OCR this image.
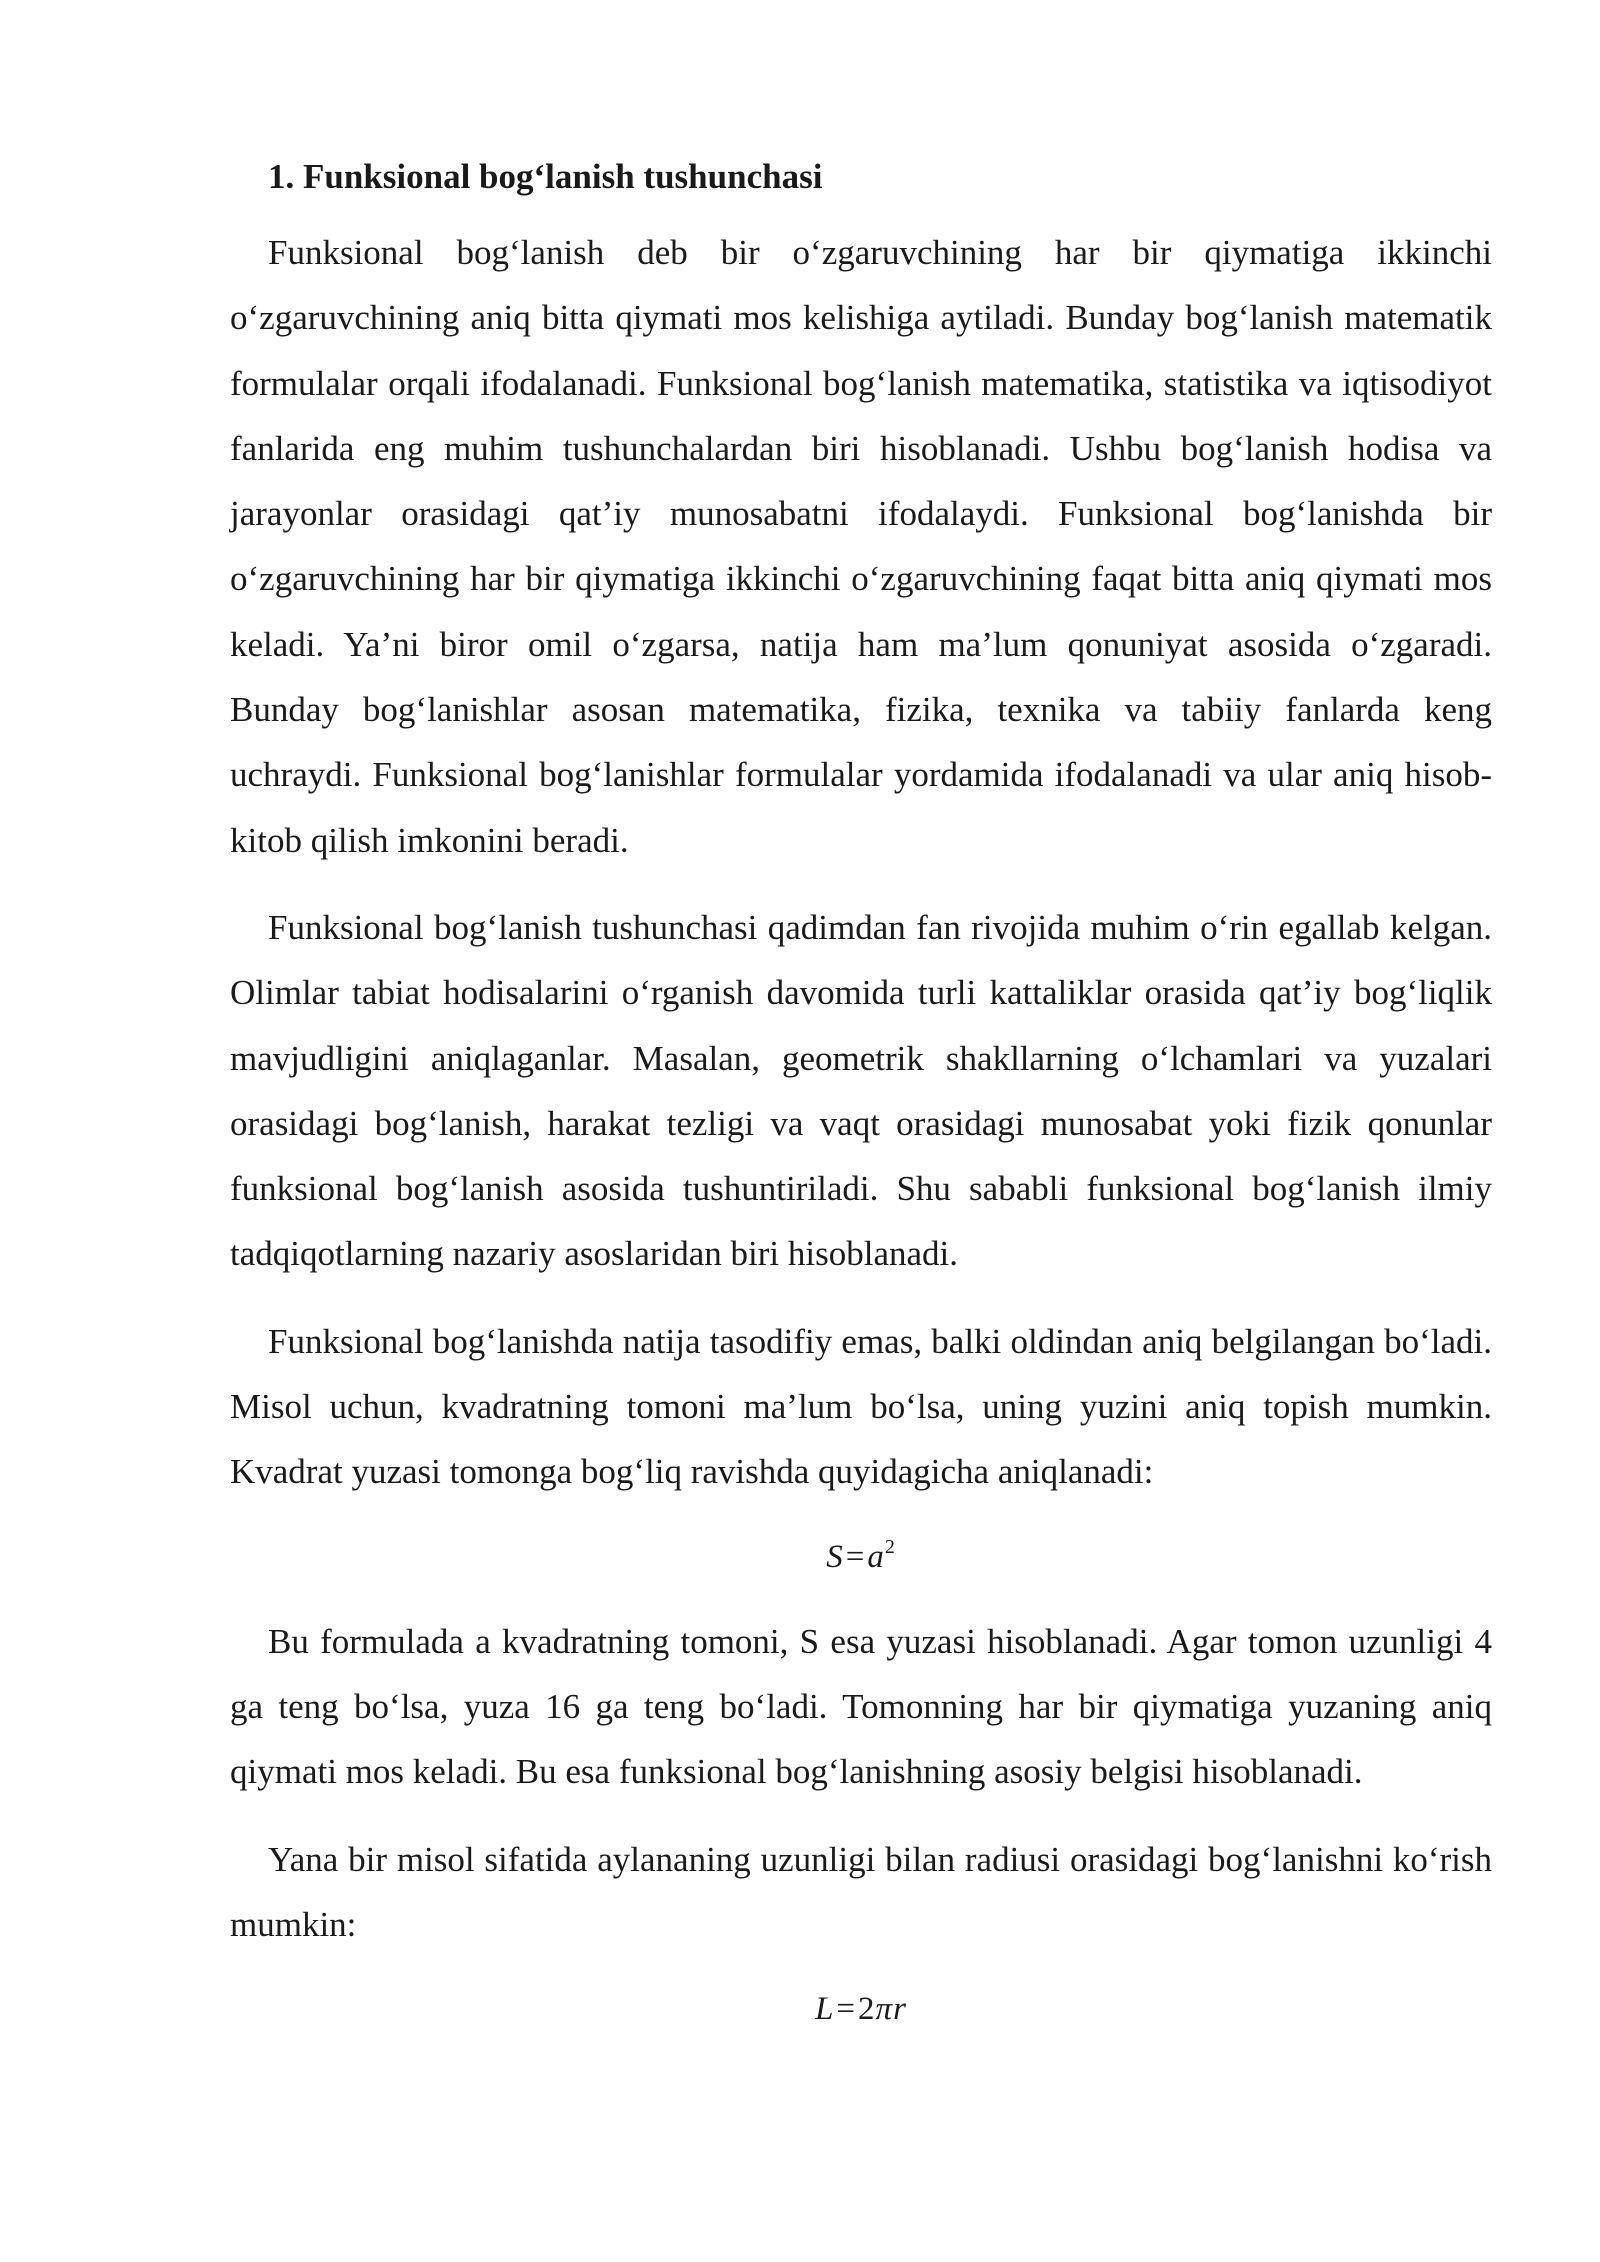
1. Funksional bog‘lanish tushunchasi

Funksional bog‘lanish deb bir o‘zgaruvchining har bir qiymatiga ikkinchi o‘zgaruvchining aniq bitta qiymati mos kelishiga aytiladi. Bunday bog‘lanish matematik formulalar orqali ifodalanadi. Funksional bog‘lanish matematika, statistika va iqtisodiyot fanlarida eng muhim tushunchalardan biri hisoblanadi. Ushbu bog‘lanish hodisa va jarayonlar orasidagi qat’iy munosabatni ifodalaydi. Funksional bog‘lanishda bir o‘zgaruvchining har bir qiymatiga ikkinchi o‘zgaruvchining faqat bitta aniq qiymati mos keladi. Ya’ni biror omil o‘zgarsa, natija ham ma’lum qonuniyat asosida o‘zgaradi. Bunday bog‘lanishlar asosan matematika, fizika, texnika va tabiiy fanlarda keng uchraydi. Funksional bog‘lanishlar formulalar yordamida ifodalanadi va ular aniq hisob-kitob qilish imkonini beradi.

Funksional bog‘lanish tushunchasi qadimdan fan rivojida muhim o‘rin egallab kelgan. Olimlar tabiat hodisalarini o‘rganish davomida turli kattaliklar orasida qat’iy bog‘liqlik mavjudligini aniqlaganlar. Masalan, geometrik shakllarning o‘lchamlari va yuzalari orasidagi bog‘lanish, harakat tezligi va vaqt orasidagi munosabat yoki fizik qonunlar funksional bog‘lanish asosida tushuntiriladi. Shu sababli funksional bog‘lanish ilmiy tadqiqotlarning nazariy asoslaridan biri hisoblanadi.

Funksional bog‘lanishda natija tasodifiy emas, balki oldindan aniq belgilangan bo‘ladi. Misol uchun, kvadratning tomoni ma’lum bo‘lsa, uning yuzini aniq topish mumkin. Kvadrat yuzasi tomonga bog‘liq ravishda quyidagicha aniqlanadi:

$S=a^2$

Bu formulada a kvadratning tomoni, S esa yuzasi hisoblanadi. Agar tomon uzunligi 4 ga teng bo‘lsa, yuza 16 ga teng bo‘ladi. Tomonning har bir qiymatiga yuzaning aniq qiymati mos keladi. Bu esa funksional bog‘lanishning asosiy belgisi hisoblanadi.

Yana bir misol sifatida aylananing uzunligi bilan radiusi orasidagi bog‘lanishni ko‘rish mumkin:

L=2πr
